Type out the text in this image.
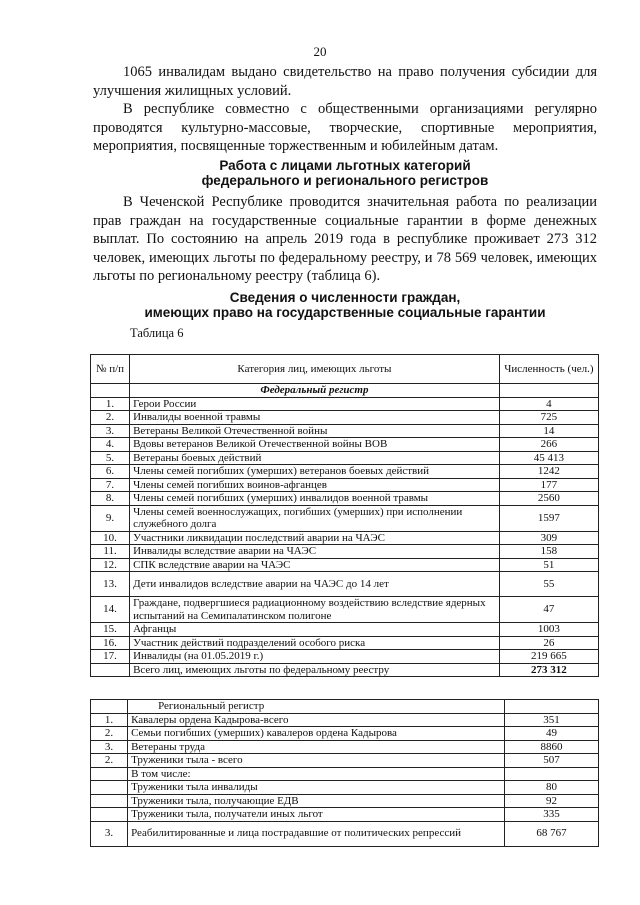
20

1065 инвалидам выдано свидетельство на право получения субсидии для улучшения жилищных условий.

В республике совместно с общественными организациями регулярно проводятся культурно-массовые, творческие, спортивные мероприятия, мероприятия, посвященные торжественным и юбилейным датам.

Работа с лицами льготных категорий
федерального и регионального регистров

В Чеченской Республике проводится значительная работа по реализации прав граждан на государственные социальные гарантии в форме денежных выплат. По состоянию на апрель 2019 года в республике проживает 273 312 человек, имеющих льготы по федеральному реестру, и 78 569 человек, имеющих льготы по региональному реестру (таблица 6).

Сведения о численности граждан,
имеющих право на государственные социальные гарантии
Таблица 6
№ п/п	Категория лиц, имеющих льготы	Численность (чел.)
	Федеральный регистр	
1.	Герои России	4
2.	Инвалиды военной травмы	725
3.	Ветераны Великой Отечественной войны	14
4.	Вдовы ветеранов Великой Отечественной войны ВОВ	266
5.	Ветераны боевых действий	45 413
6.	Члены семей погибших (умерших) ветеранов боевых действий	1242
7.	Члены семей погибших воинов-афганцев	177
8.	Члены семей погибших (умерших) инвалидов военной травмы	2560
9.	Члены семей военнослужащих, погибших (умерших) при исполнении служебного долга	1597
10.	Участники ликвидации последствий аварии на ЧАЭС	309
11.	Инвалиды вследствие аварии на ЧАЭС	158
12.	СПК вследствие аварии на ЧАЭС	51
13.	Дети инвалидов вследствие аварии на ЧАЭС до 14 лет	55
14.	Граждане, подвергшиеся радиационному воздействию вследствие ядерных испытаний на Семипалатинском полигоне	47
15.	Афганцы	1003
16.	Участник действий подразделений особого риска	26
17.	Инвалиды (на 01.05.2019 г.)	219 665
	Всего лиц, имеющих льготы по федеральному реестру	273 312
	Региональный регистр	
1.	Кавалеры ордена Кадырова-всего	351
2.	Семьи погибших (умерших) кавалеров ордена Кадырова	49
3.	Ветераны труда	8860
2.	Труженики тыла - всего	507
	В том числе:	
	Труженики тыла инвалиды	80
	Труженики тыла, получающие ЕДВ	92
	Труженики тыла, получатели иных льгот	335
3.	Реабилитированные и лица пострадавшие от политических репрессий	68 767
